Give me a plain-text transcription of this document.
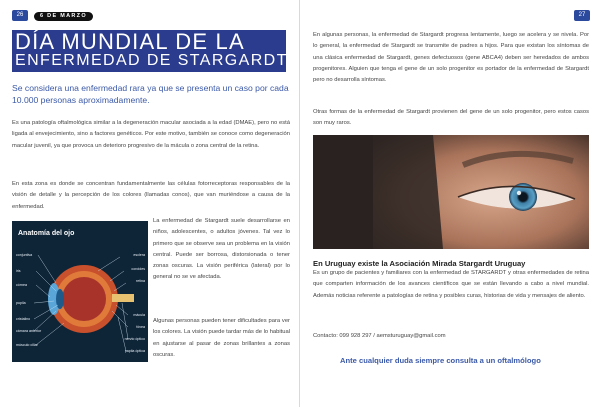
26	6 DE MARZO
DÍA MUNDIAL DE LA
ENFERMEDAD DE STARGARDT
Se considera una enfermedad rara ya que se presenta un caso por cada 10.000 personas aproximadamente.
Es una patología oftalmológica similar a la degeneración macular asociada a la edad (DMAE), pero no está ligada al envejecimiento, sino a factores genéticos. Por este motivo, también se conoce como degeneración macular juvenil, ya que provoca un deterioro progresivo de la mácula o zona central de la retina.
En esta zona es donde se concentran fundamentalmente las células fotorreceptoras responsables de la visión de detalle y la percepción de los colores (llamadas conos), que van muriéndose a causa de la enfermedad.
Anatomía del ojo
conjuntiva
iris
córnea
pupila
cristalino
cámara anterior
músculo ciliar
esclera
coroides
retina
mácula
fóvea
nervio óptico
papila óptica
La enfermedad de Stargardt suele desarrollarse en niños, adolescentes, o adultos jóvenes. Tal vez lo primero que se observe sea un problema en la visión central. Puede ser borrosa, distorsionada o tener zonas oscuras. La visión periférica (lateral) por lo general no se ve afectada.
Algunas personas pueden tener dificultades para ver los colores. La visión puede tardar más de lo habitual en ajustarse al pasar de zonas brillantes a zonas oscuras.
27
En algunas personas, la enfermedad de Stargardt progresa lentamente, luego se acelera y se nivela. Por lo general, la enfermedad de Stargardt se transmite de padres a hijos. Para que existan los síntomas de una clásica enfermedad de Stargardt, genes defectuosos (gene ABCA4) deben ser heredados de ambos progenitores. Alguien que tenga el gene de un solo progenitor es portador de la enfermedad de Stargardt pero no desarrolla síntomas.
Otras formas de la enfermedad de Stargardt provienen del gene de un solo progenitor, pero estos casos son muy raros.
En Uruguay existe la Asociación Mirada Stargardt Uruguay
Es un grupo de pacientes y familiares con la enfermedad de STARGARDT y otras enfermedades de retina que comparten información de los avances científicos que se están llevando a cabo a nivel mundial. Además noticias referente a patologías de retina y posibles curas, historias de vida y mensajes de aliento.
Contacto: 099 928 297 / aemsturuguay@gmail.com
Ante cualquier duda siempre consulta a un oftalmólogo
